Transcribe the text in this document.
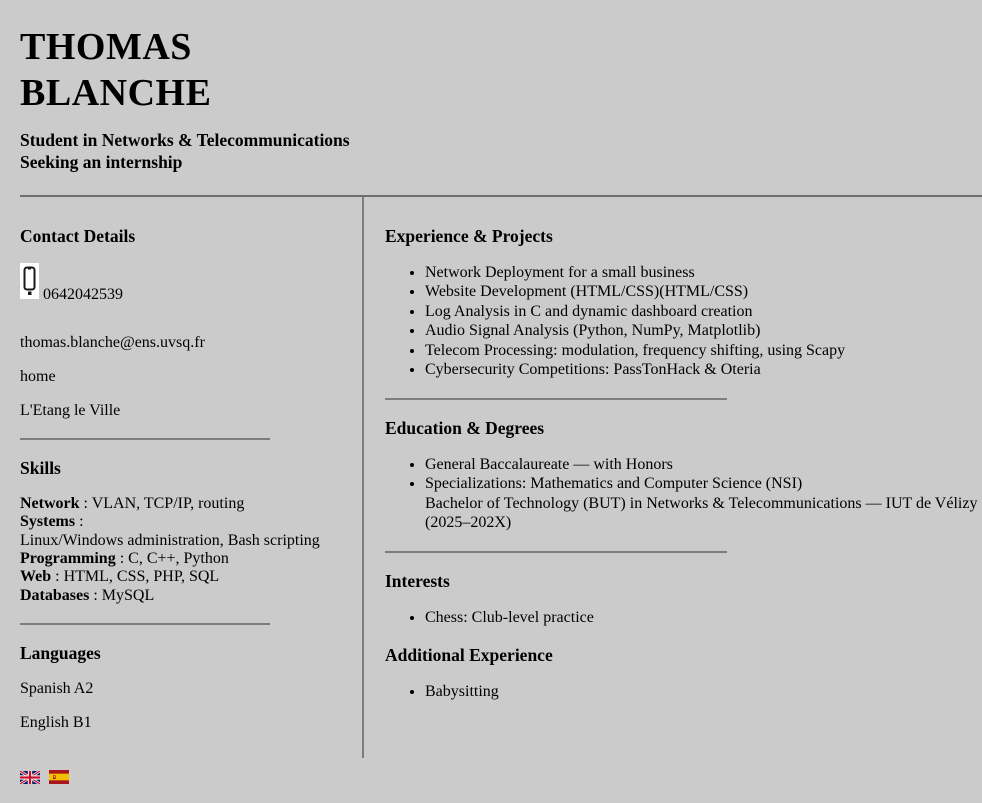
THOMAS BLANCHE
Student in Networks & Telecommunications
Seeking an internship
Contact Details

0642042539

thomas.blanche@ens.uvsq.fr

home

L'Etang le Ville

Skills
Network : VLAN, TCP/IP, routing
Systems :
Linux/Windows administration, Bash scripting
Programming : C, C++, Python
Web : HTML, CSS, PHP, SQL
Databases : MySQL
Languages

Spanish A2

English B1

Experience & Projects
• Network Deployment for a small business
• Website Development (HTML/CSS)(HTML/CSS)
• Log Analysis in C and dynamic dashboard creation
• Audio Signal Analysis (Python, NumPy, Matplotlib)
• Telecom Processing: modulation, frequency shifting, using Scapy
• Cybersecurity Competitions: PassTonHack & Oteria
Education & Degrees
• General Baccalaureate — with Honors
• Specializations: Mathematics and Computer Science (NSI)
Bachelor of Technology (BUT) in Networks & Telecommunications — IUT de Vélizy (2025–202X)
Interests
• Chess: Club-level practice
Additional Experience
• Babysitting
